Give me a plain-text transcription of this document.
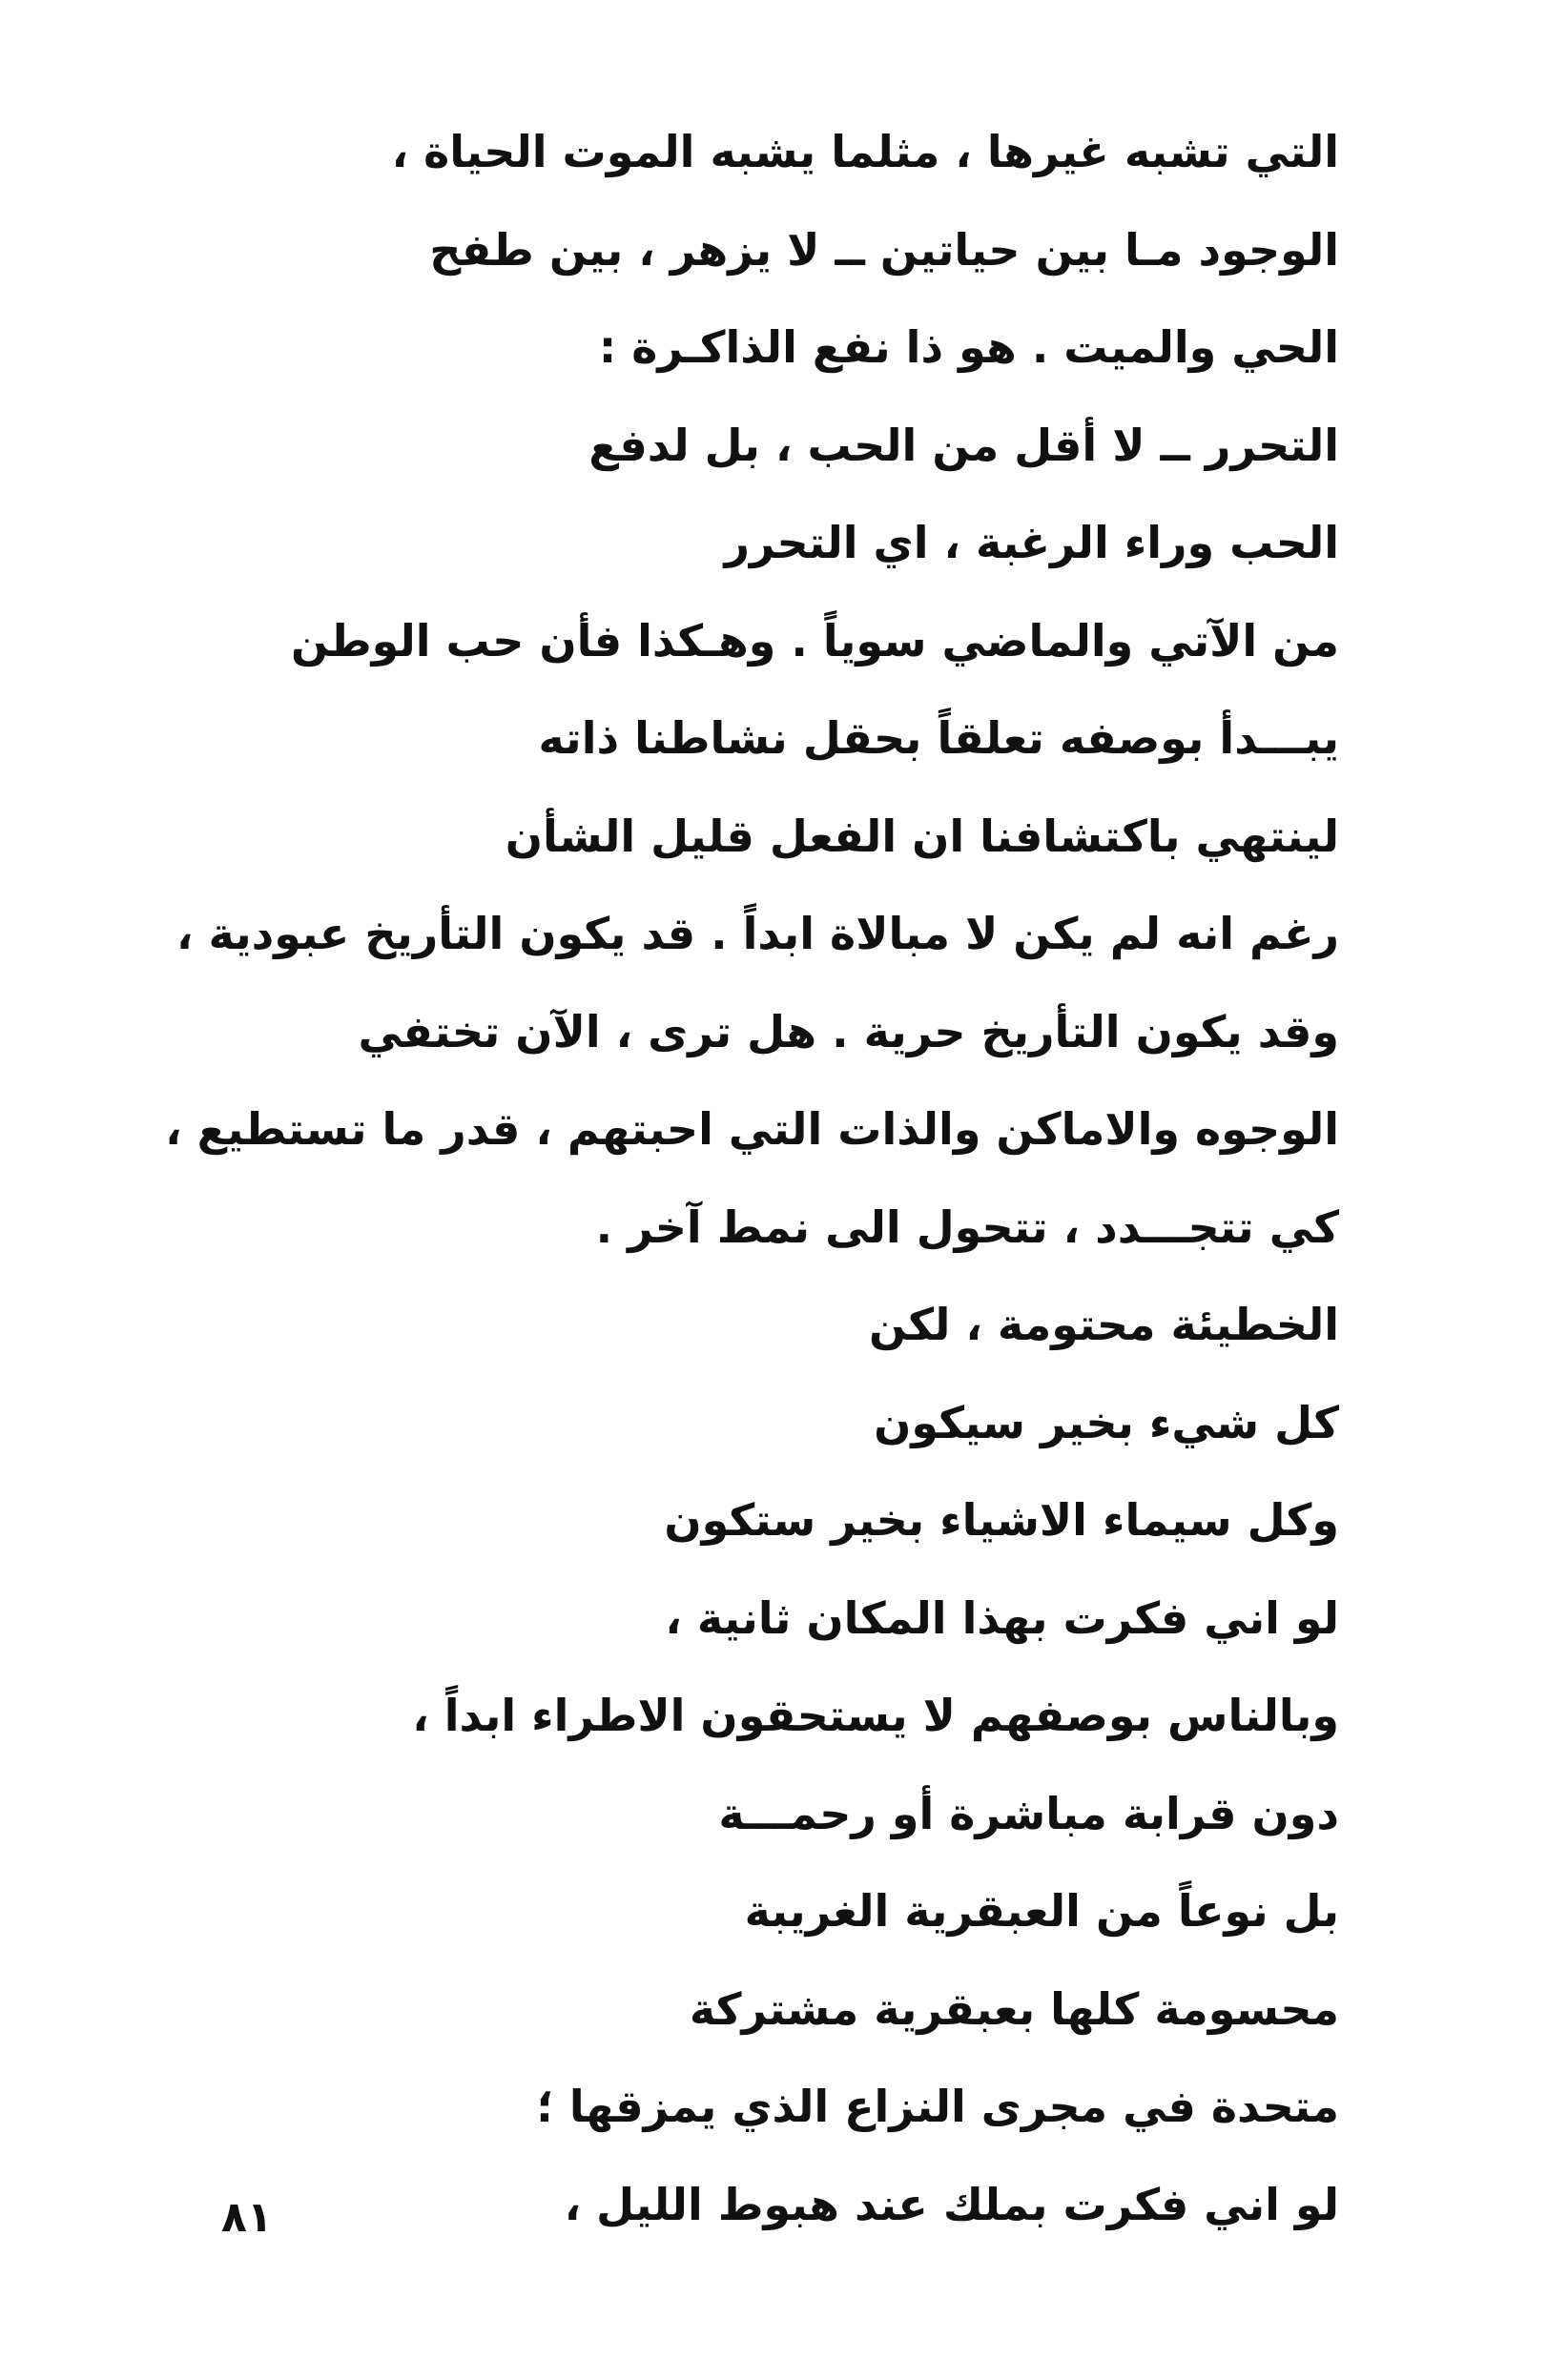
التي تشبه غيرها ، مثلما يشبه الموت الحياة ،
الوجود مـا بين حياتين ــ لا يزهر ، بين طفح
الحي والميت . هو ذا نفع الذاكـرة :
التحرر ــ لا أقل من الحب ، بل لدفع
الحب وراء الرغبة ، اي التحرر
من الآتي والماضي سوياً . وهـكذا فأن حب الوطن
يبـــدأ بوصفه تعلقاً بحقل نشاطنا ذاته
لينتهي باكتشافنا ان الفعل قليل الشأن
رغم انه لم يكن لا مبالاة ابداً . قد يكون التأريخ عبودية ،
وقد يكون التأريخ حرية . هل ترى ، الآن تختفي
الوجوه والاماكن والذات التي احبتهم ، قدر ما تستطيع ،
كي تتجـــدد ، تتحول الى نمط آخر .
الخطيئة محتومة ، لكن
كل شيء بخير سيكون
وكل سيماء الاشياء بخير ستكون
لو اني فكرت بهذا المكان ثانية ،
وبالناس بوصفهم لا يستحقون الاطراء ابداً ،
دون قرابة مباشرة أو رحمـــة
بل نوعاً من العبقرية الغريبة
محسومة كلها بعبقرية مشتركة
متحدة في مجرى النزاع الذي يمزقها ؛
لو اني فكرت بملك عند هبوط الليل ،
٨١
